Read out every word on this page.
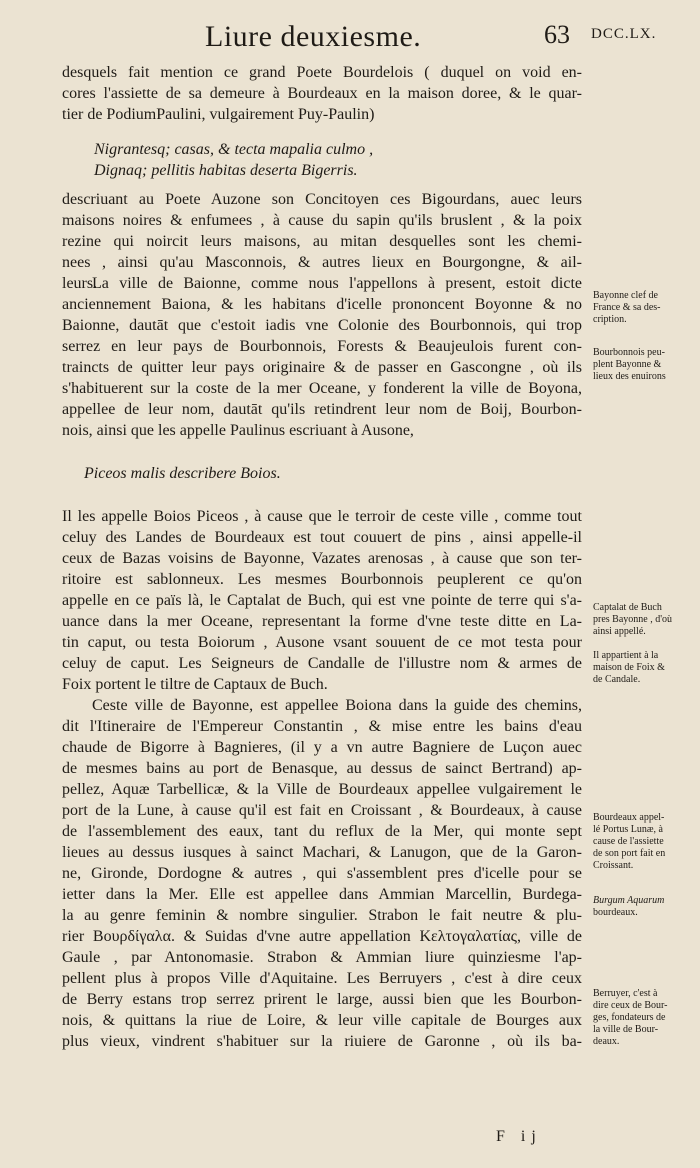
Liure deuxiesme.	63 DCC.LX.
desquels fait mention ce grand Poete Bourdelois ( duquel on void en-
cores l'assiette de sa demeure à Bourdeaux en la maison doree, & le quar-
tier de PodiumPaulini, vulgairement Puy-Paulin)
Nigrantesq; casas, & tecta mapalia culmo ,
Dignaq; pellitis habitas deserta Bigerris.
descriuant au Poete Auzone son Concitoyen ces Bigourdans, auec leurs
maisons noires & enfumees , à cause du sapin qu'ils bruslent , & la poix
rezine qui noircit leurs maisons, au mitan desquelles sont les chemi-
nees , ainsi qu'au Masconnois, & autres lieux en Bourgongne, & ail-
leurs.
La ville de Baionne, comme nous l'appellons à present, estoit dicte
anciennement Baiona, & les habitans d'icelle prononcent Boyonne & no
Baionne, dautāt que c'estoit iadis vne Colonie des Bourbonnois, qui trop
serrez en leur pays de Bourbonnois, Forests & Beaujeulois furent con-
traincts de quitter leur pays originaire & de passer en Gascongne , où ils
s'habituerent sur la coste de la mer Oceane, y fonderent la ville de Boyona,
appellee de leur nom, dautāt qu'ils retindrent leur nom de Boij, Bourbon-
nois, ainsi que les appelle Paulinus escriuant à Ausone,
Piceos malis describere Boios.
Il les appelle Boios Piceos , à cause que le terroir de ceste ville , comme tout
celuy des Landes de Bourdeaux est tout couuert de pins , ainsi appelle-il
ceux de Bazas voisins de Bayonne, Vazates arenosas , à cause que son ter-
ritoire est sablonneux. Les mesmes Bourbonnois peuplerent ce qu'on
appelle en ce païs là, le Captalat de Buch, qui est vne pointe de terre qui s'a-
uance dans la mer Oceane, representant la forme d'vne teste ditte en La-
tin caput, ou testa Boiorum , Ausone vsant souuent de ce mot testa pour
celuy de caput. Les Seigneurs de Candalle de l'illustre nom & armes de
Foix portent le tiltre de Captaux de Buch.
Ceste ville de Bayonne, est appellee Boiona dans la guide des chemins,
dit l'Itineraire de l'Empereur Constantin , & mise entre les bains d'eau
chaude de Bigorre à Bagnieres, (il y a vn autre Bagniere de Luçon auec
de mesmes bains au port de Benasque, au dessus de sainct Bertrand) ap-
pellez, Aquæ Tarbellicæ, & la Ville de Bourdeaux appellee vulgairement le
port de la Lune, à cause qu'il est fait en Croissant , & Bourdeaux, à cause
de l'assemblement des eaux, tant du reflux de la Mer, qui monte sept
lieues au dessus iusques à sainct Machari, & Lanugon, que de la Garon-
ne, Gironde, Dordogne & autres , qui s'assemblent pres d'icelle pour se
ietter dans la Mer. Elle est appellee dans Ammian Marcellin, Burdega-
la au genre feminin & nombre singulier. Strabon le fait neutre & plu-
rier Βουρδίγαλα. & Suidas d'vne autre appellation Κελτογαλατίας, ville de
Gaule , par Antonomasie. Strabon & Ammian liure quinziesme l'ap-
pellent plus à propos Ville d'Aquitaine. Les Berruyers , c'est à dire ceux
de Berry estans trop serrez prirent le large, aussi bien que les Bourbon-
nois, & quittans la riue de Loire, & leur ville capitale de Bourges aux
plus vieux, vindrent s'habituer sur la riuiere de Garonne , où ils ba-
Bayonne clef de
France & sa des-
cription.
Bourbonnois peu-
plent Bayonne &
lieux des enuirons
Captalat de Buch
pres Bayonne , d'où
ainsi appellé.
Il appartient à la
maison de Foix &
de Candale.
Bourdeaux appel-
lé Portus Lunæ, à
cause de l'assiette
de son port fait en
Croissant.
Burgum Aquarum
bourdeaux.
Berruyer, c'est à
dire ceux de Bour-
ges, fondateurs de
la ville de Bour-
deaux.
F ij
